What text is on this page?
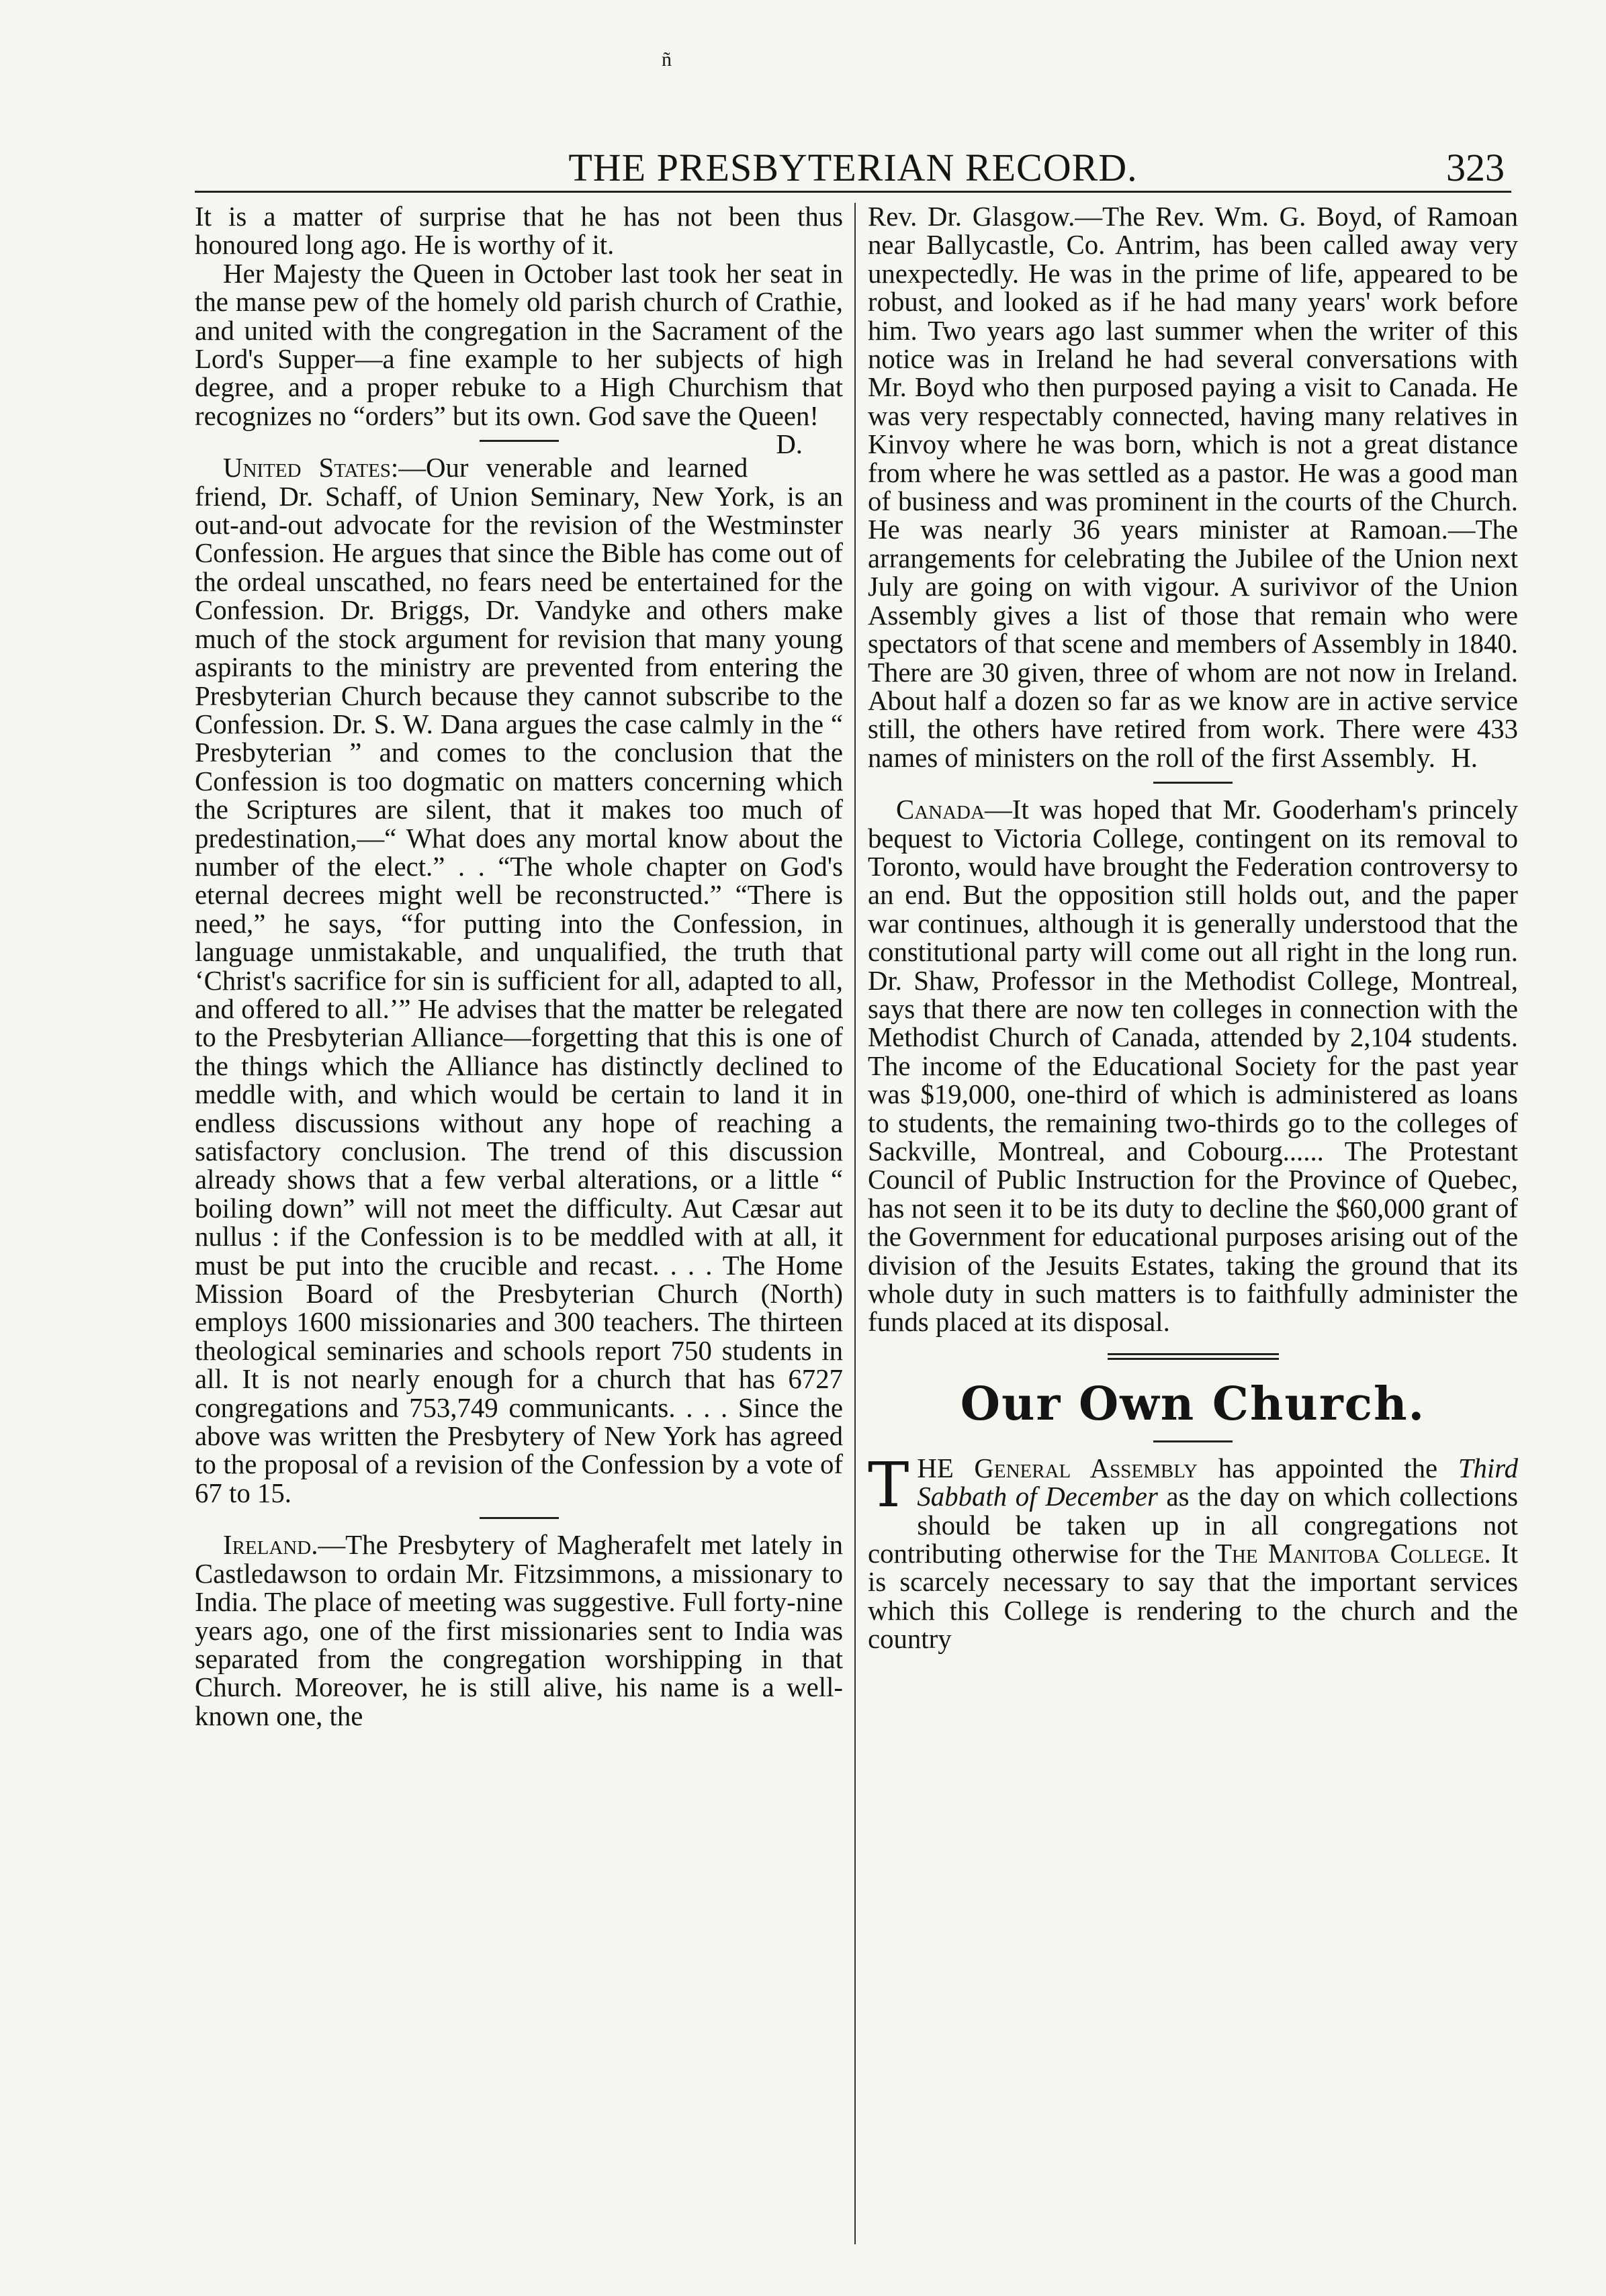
ñ
THE PRESBYTERIAN RECORD.	323

It is a matter of surprise that he has not been thus honoured long ago. He is worthy of it.

Her Majesty the Queen in October last took her seat in the manse pew of the homely old parish church of Crathie, and united with the congregation in the Sacrament of the Lord's Supper—a fine example to her subjects of high degree, and a proper rebuke to a High Churchism that recognizes no “orders” but its own. God save the Queen!
D.

United States:—Our venerable and learned friend, Dr. Schaff, of Union Seminary, New York, is an out-and-out advocate for the revision of the Westminster Confession. He argues that since the Bible has come out of the ordeal unscathed, no fears need be entertained for the Confession. Dr. Briggs, Dr. Vandyke and others make much of the stock argument for revision that many young aspirants to the ministry are prevented from entering the Presbyterian Church because they cannot subscribe to the Confession. Dr. S. W. Dana argues the case calmly in the “ Presbyterian ” and comes to the conclusion that the Confession is too dogmatic on matters concerning which the Scriptures are silent, that it makes too much of predestination,—“ What does any mortal know about the number of the elect.” . . “The whole chapter on God's eternal decrees might well be reconstructed.” “There is need,” he says, “for putting into the Confession, in language unmistakable, and unqualified, the truth that ‘Christ's sacrifice for sin is sufficient for all, adapted to all, and offered to all.’” He advises that the matter be relegated to the Presbyterian Alliance—forgetting that this is one of the things which the Alliance has distinctly declined to meddle with, and which would be certain to land it in endless discussions without any hope of reaching a satisfactory conclusion. The trend of this discussion already shows that a few verbal alterations, or a little “ boiling down” will not meet the difficulty. Aut Cæsar aut nullus : if the Confession is to be meddled with at all, it must be put into the crucible and recast. . . . The Home Mission Board of the Presbyterian Church (North) employs 1600 missionaries and 300 teachers. The thirteen theological seminaries and schools report 750 students in all. It is not nearly enough for a church that has 6727 congregations and 753,749 communicants. . . . Since the above was written the Presbytery of New York has agreed to the proposal of a revision of the Confession by a vote of 67 to 15.

Ireland.—The Presbytery of Magherafelt met lately in Castledawson to ordain Mr. Fitzsimmons, a missionary to India. The place of meeting was suggestive. Full forty-nine years ago, one of the first missionaries sent to India was separated from the congregation worshipping in that Church. Moreover, he is still alive, his name is a well-known one, the

Rev. Dr. Glasgow.—The Rev. Wm. G. Boyd, of Ramoan near Ballycastle, Co. Antrim, has been called away very unexpectedly. He was in the prime of life, appeared to be robust, and looked as if he had many years' work before him. Two years ago last summer when the writer of this notice was in Ireland he had several conversations with Mr. Boyd who then purposed paying a visit to Canada. He was very respectably connected, having many relatives in Kinvoy where he was born, which is not a great distance from where he was settled as a pastor. He was a good man of business and was prominent in the courts of the Church. He was nearly 36 years minister at Ramoan.—The arrangements for celebrating the Jubilee of the Union next July are going on with vigour. A surivivor of the Union Assembly gives a list of those that remain who were spectators of that scene and members of Assembly in 1840. There are 30 given, three of whom are not now in Ireland. About half a dozen so far as we know are in active service still, the others have retired from work. There were 433 names of ministers on the roll of the first Assembly. H.

Canada—It was hoped that Mr. Gooderham's princely bequest to Victoria College, contingent on its removal to Toronto, would have brought the Federation controversy to an end. But the opposition still holds out, and the paper war continues, although it is generally understood that the constitutional party will come out all right in the long run. Dr. Shaw, Professor in the Methodist College, Montreal, says that there are now ten colleges in connection with the Methodist Church of Canada, attended by 2,104 students. The income of the Educational Society for the past year was $19,000, one-third of which is administered as loans to students, the remaining two-thirds go to the colleges of Sackville, Montreal, and Cobourg...... The Protestant Council of Public Instruction for the Province of Quebec, has not seen it to be its duty to decline the $60,000 grant of the Government for educational purposes arising out of the division of the Jesuits Estates, taking the ground that its whole duty in such matters is to faithfully administer the funds placed at its disposal.

Our Own Church.

THE General Assembly has appointed the Third Sabbath of December as the day on which collections should be taken up in all congregations not contributing otherwise for the The Manitoba College. It is scarcely necessary to say that the important services which this College is rendering to the church and the country
